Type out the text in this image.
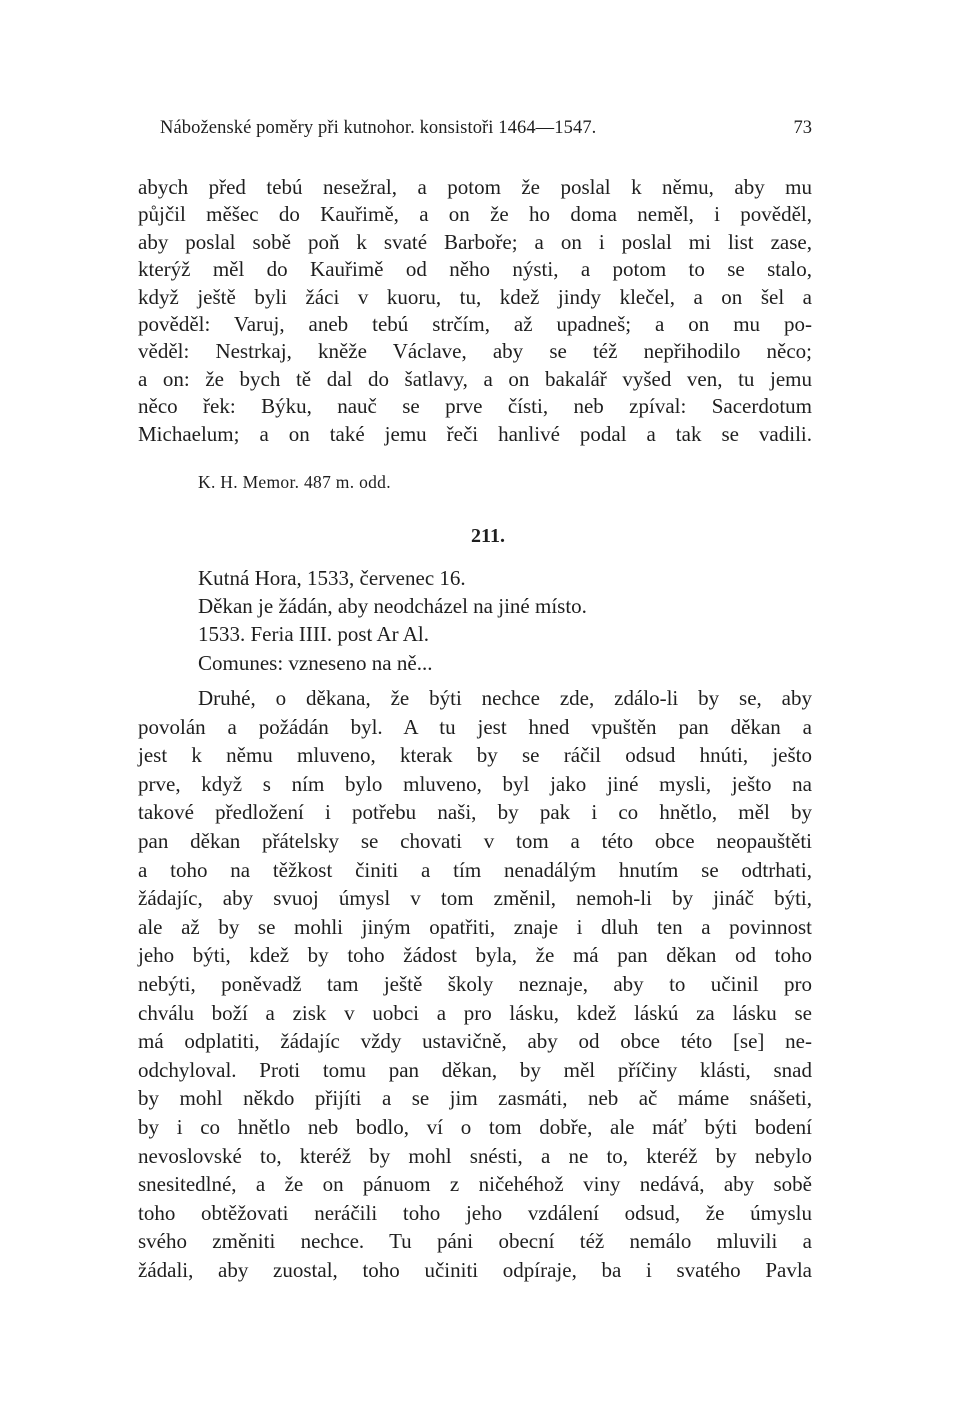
Náboženské poměry při kutnohor. konsistoři 1464—1547.	73
abych před tebú nesežral, a potom že poslal k němu, aby mu
půjčil měšec do Kauřimě, a on že ho doma neměl, i pověděl,
aby poslal sobě poň k svaté Barboře; a on i poslal mi list zase,
kterýž měl do Kauřimě od něho nýsti, a potom to se stalo,
když ještě byli žáci v kuoru, tu, kdež jindy klečel, a on šel a
pověděl: Varuj, aneb tebú strčím, až upadneš; a on mu po-
věděl: Nestrkaj, kněže Václave, aby se též nepřihodilo něco;
a on: že bych tě dal do šatlavy, a on bakalář vyšed ven, tu jemu
něco řek: Býku, nauč se prve čísti, neb zpíval: Sacerdotum
Michaelum; a on také jemu řeči hanlivé podal a tak se vadili.
K. H. Memor. 487 m. odd.
211.
Kutná Hora, 1533, červenec 16.
Děkan je žádán, aby neodcházel na jiné místo.
1533. Feria IIII. post Ar Al.
Comunes: vzneseno na ně...
Druhé, o děkana, že býti nechce zde, zdálo-li by se, aby
povolán a požádán byl. A tu jest hned vpuštěn pan děkan a
jest k němu mluveno, kterak by se ráčil odsud hnúti, ješto
prve, když s ním bylo mluveno, byl jako jiné mysli, ješto na
takové předložení i potřebu naši, by pak i co hnětlo, měl by
pan děkan přátelsky se chovati v tom a této obce neopauštěti
a toho na těžkost činiti a tím nenadálým hnutím se odtrhati,
žádajíc, aby svuoj úmysl v tom změnil, nemoh-li by jináč býti,
ale až by se mohli jiným opatřiti, znaje i dluh ten a povinnost
jeho býti, kdež by toho žádost byla, že má pan děkan od toho
nebýti, poněvadž tam ještě školy neznaje, aby to učinil pro
chválu boží a zisk v uobci a pro lásku, kdež láskú za lásku se
má odplatiti, žádajíc vždy ustavičně, aby od obce této [se] ne-
odchyloval. Proti tomu pan děkan, by měl příčiny klásti, snad
by mohl někdo přijíti a se jim zasmáti, neb ač máme snášeti,
by i co hnětlo neb bodlo, ví o tom dobře, ale máť býti bodení
nevoslovské to, kteréž by mohl snésti, a ne to, kteréž by nebylo
snesitedlné, a že on pánuom z ničehéhož viny nedává, aby sobě
toho obtěžovati neráčili toho jeho vzdálení odsud, že úmyslu
svého změniti nechce. Tu páni obecní též nemálo mluvili a
žádali, aby zuostal, toho učiniti odpíraje, ba i svatého Pavla
